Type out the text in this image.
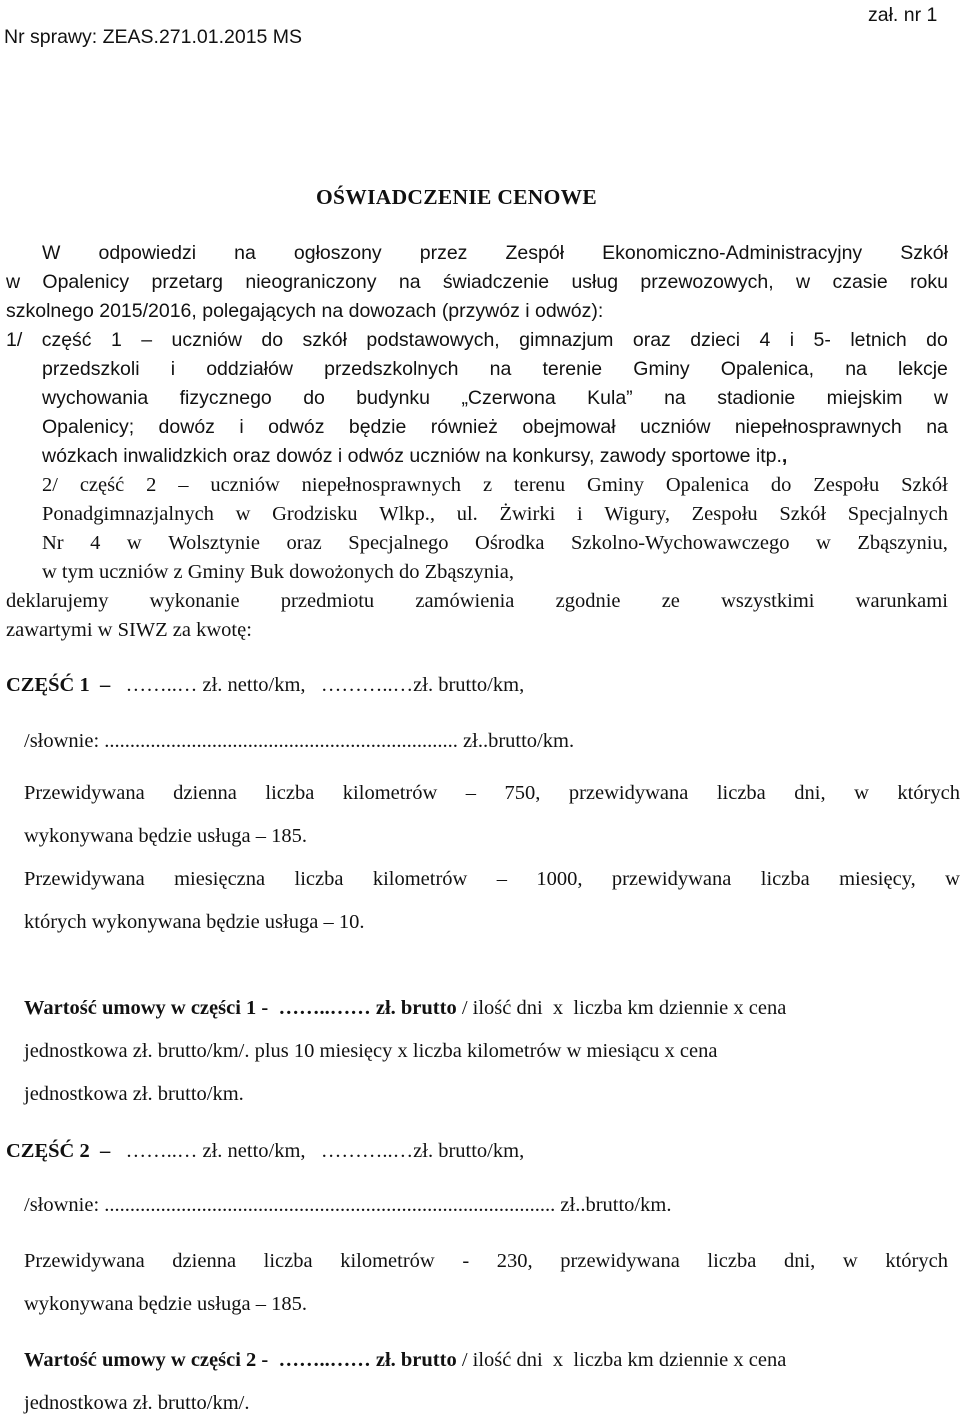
Nr sprawy: ZEAS.271.01.2015 MS
zał. nr 1
OŚWIADCZENIE CENOWE
W odpowiedzi na ogłoszony przez Zespół Ekonomiczno-Administracyjny Szkół
w Opalenicy przetarg nieograniczony na świadczenie usług przewozowych, w czasie roku
szkolnego 2015/2016, polegających na dowozach (przywóz i odwóz):
1/ część 1 – uczniów do szkół podstawowych, gimnazjum oraz dzieci 4 i 5- letnich do
przedszkoli i oddziałów przedszkolnych na terenie Gminy Opalenica, na lekcje
wychowania fizycznego do budynku „Czerwona Kula” na stadionie miejskim w
Opalenicy; dowóz i odwóz będzie również obejmował uczniów niepełnosprawnych na
wózkach inwalidzkich oraz dowóz i odwóz uczniów na konkursy, zawody sportowe itp.,
2/ część 2 – uczniów niepełnosprawnych z terenu Gminy Opalenica do Zespołu Szkół
Ponadgimnazjalnych w Grodzisku Wlkp., ul. Żwirki i Wigury, Zespołu Szkół Specjalnych
Nr 4 w Wolsztynie oraz Specjalnego Ośrodka Szkolno-Wychowawczego w Zbąszyniu,
w tym uczniów z Gminy Buk dowożonych do Zbąszynia,
deklarujemy wykonanie przedmiotu zamówienia zgodnie ze wszystkimi warunkami
zawartymi w SIWZ za kwotę:
CZĘŚĆ 1 – ……..… zł. netto/km,   ………..…zł. brutto/km,
/słownie: ..................................................................... zł..brutto/km.
Przewidywana dzienna liczba kilometrów – 750, przewidywana liczba dni, w których
wykonywana będzie usługa – 185.
Przewidywana miesięczna liczba kilometrów – 1000, przewidywana liczba miesięcy, w
których wykonywana będzie usługa – 10.
Wartość umowy w części 1 -  ……..…… zł. brutto / ilość dni  x  liczba km dziennie x cena
jednostkowa zł. brutto/km/. plus 10 miesięcy x liczba kilometrów w miesiącu x cena
jednostkowa zł. brutto/km.
CZĘŚĆ 2 – ……..… zł. netto/km,   ………..…zł. brutto/km,
/słownie: ........................................................................................ zł..brutto/km.
Przewidywana dzienna liczba kilometrów - 230, przewidywana liczba dni, w których
wykonywana będzie usługa – 185.
Wartość umowy w części 2 -  ……..…… zł. brutto / ilość dni  x  liczba km dziennie x cena
jednostkowa zł. brutto/km/.
